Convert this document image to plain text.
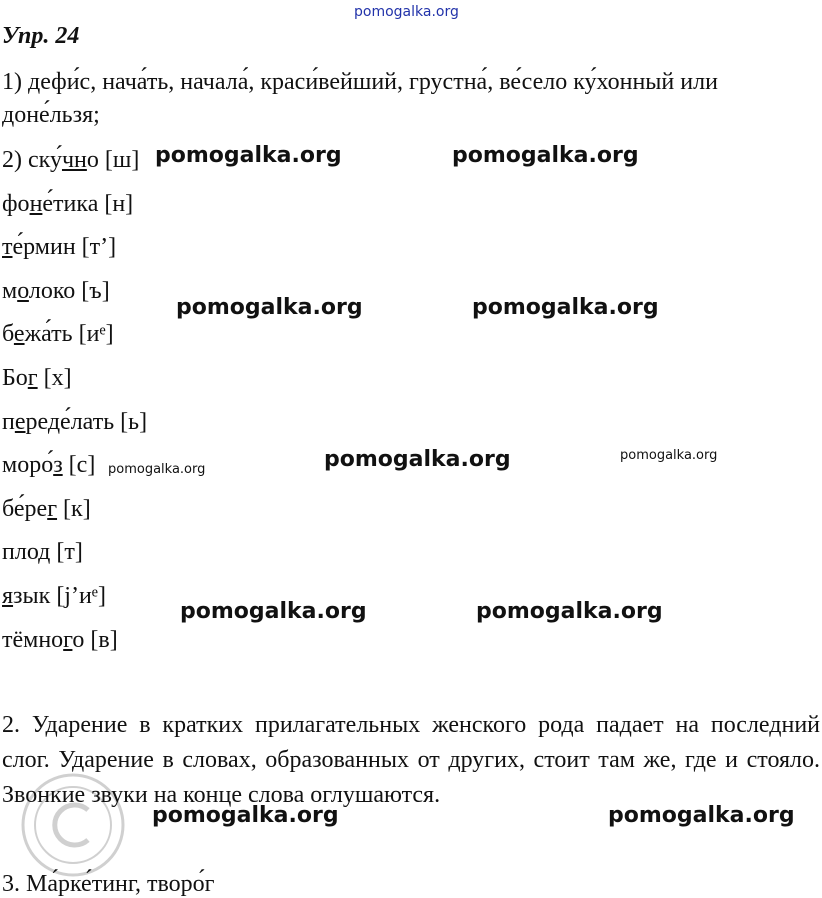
pomogalka.org
Упр. 24
1) дефи́с, нача́ть, начала́, краси́вейший, грустна́, ве́село ку́хонный или
доне́льзя;
2) ску́чно [ш]
фоне́тика [н]
те́рмин [т’]
молоко [ъ]
бежа́ть [иᵉ]
Бог [х]
переде́лать [ь]
моро́з [с]
бе́рег [к]
плод [т]
язык [j’иᵉ]
тёмного [в]
2. Ударение в кратких прилагательных женского рода падает на последний слог. Ударение в словах, образованных от других, стоит там же, где и стояло. Звонкие звуки на конце слова оглушаются.
3. Ма́рке́тинг, творо́г
pomogalka.org	pomogalka.org
pomogalka.org	pomogalka.org
pomogalka.org	pomogalka.org	pomogalka.org
pomogalka.org	pomogalka.org
pomogalka.org	pomogalka.org
